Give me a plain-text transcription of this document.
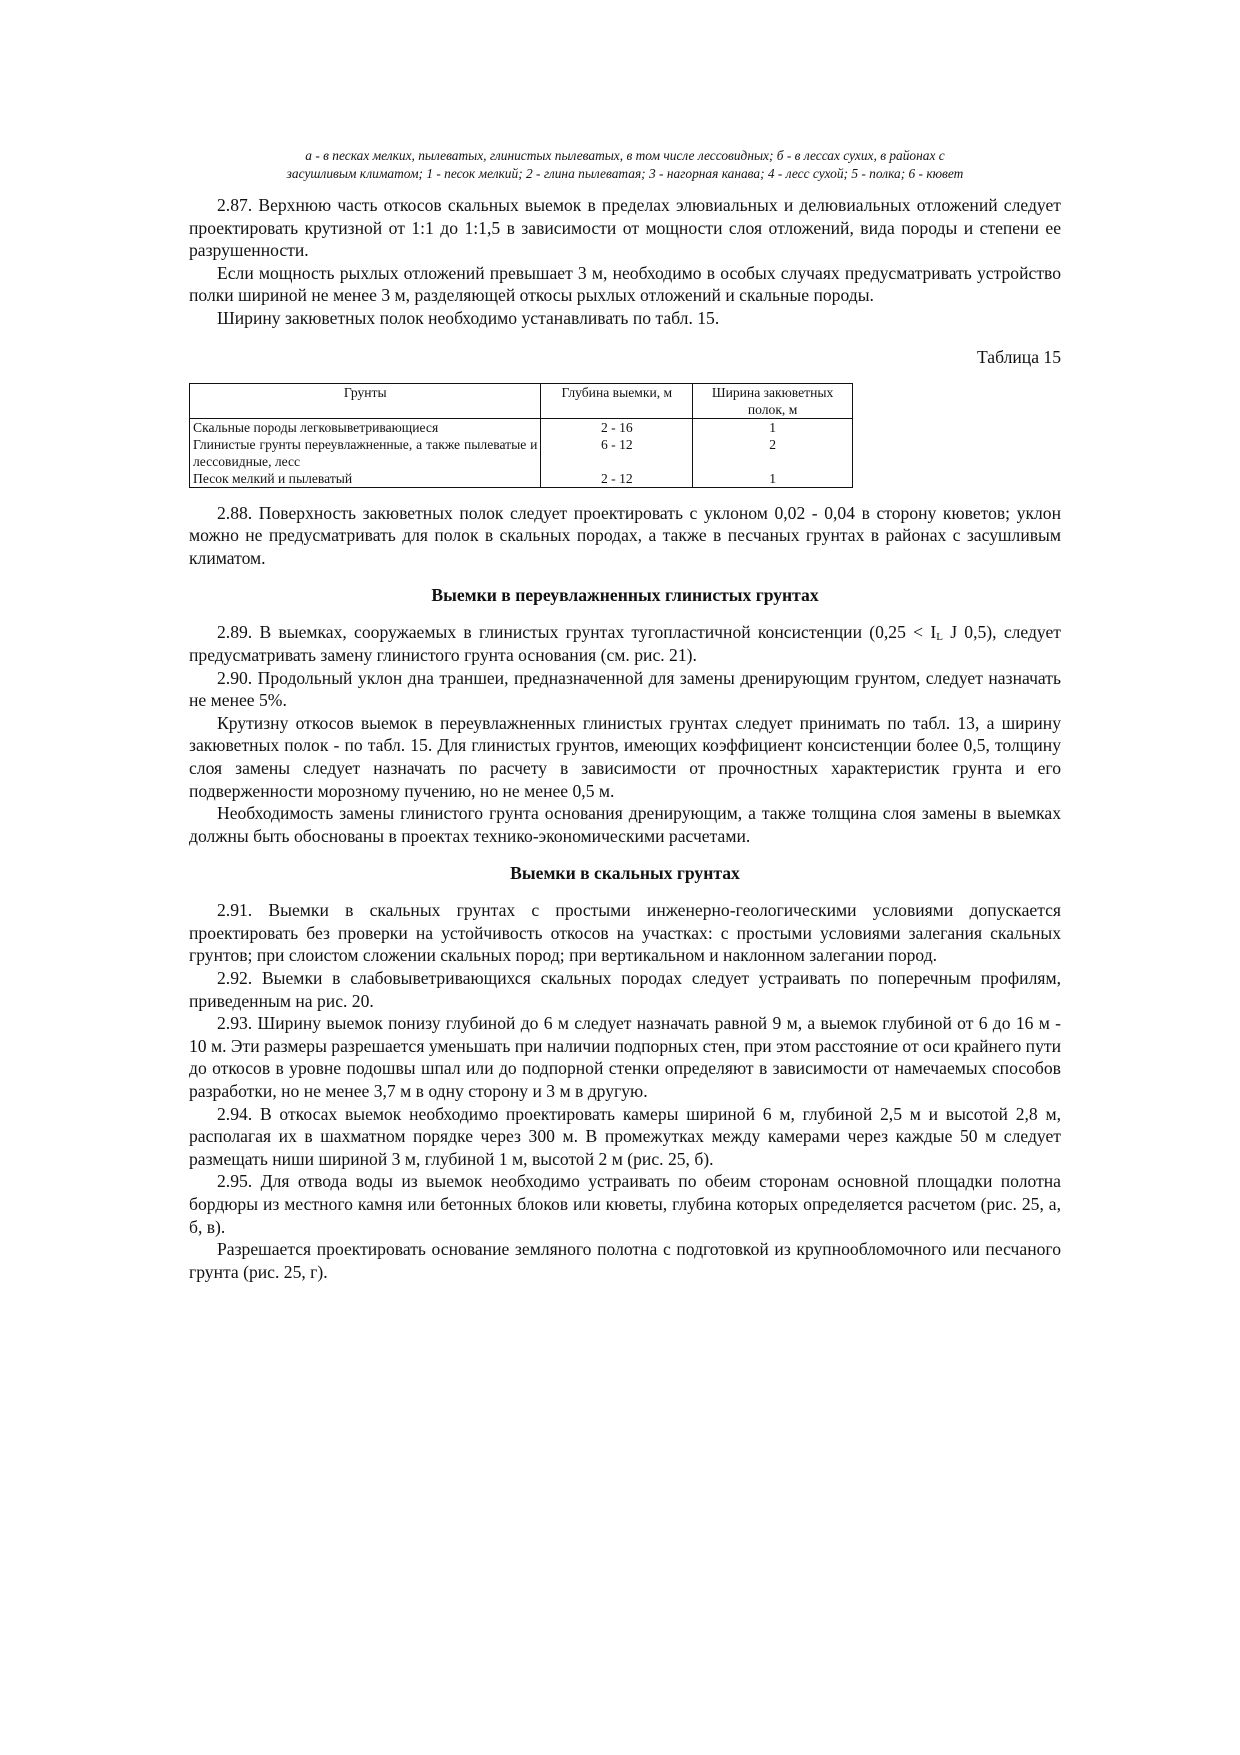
а - в песках мелких, пылеватых, глинистых пылеватых, в том числе лессовидных; б - в лессах сухих, в районах с
засушливым климатом; 1 - песок мелкий; 2 - глина пылеватая; 3 - нагорная канава; 4 - лесс сухой; 5 - полка; 6 - кювет

2.87. Верхнюю часть откосов скальных выемок в пределах элювиальных и делювиальных отложений следует проектировать крутизной от 1:1 до 1:1,5 в зависимости от мощности слоя отложений, вида породы и степени ее разрушенности.

Если мощность рыхлых отложений превышает 3 м, необходимо в особых случаях предусматривать устройство полки шириной не менее 3 м, разделяющей откосы рыхлых отложений и скальные породы.

Ширину закюветных полок необходимо устанавливать по табл. 15.

Таблица 15
Грунты	Глубина выемки, м	Ширина закюветных полок, м
Скальные породы легковыветривающиеся	2 - 16	1
Глинистые грунты переувлажненные, а также пылеватые и лессовидные, лесс	6 - 12	2
Песок мелкий и пылеватый	2 - 12	1

2.88. Поверхность закюветных полок следует проектировать с уклоном 0,02 - 0,04 в сторону кюветов; уклон можно не предусматривать для полок в скальных породах, а также в песчаных грунтах в районах с засушливым климатом.

Выемки в переувлажненных глинистых грунтах

2.89. В выемках, сооружаемых в глинистых грунтах тугопластичной консистенции ($0,25 < I_L$ J 0,5), следует предусматривать замену глинистого грунта основания (см. рис. 21).

2.90. Продольный уклон дна траншеи, предназначенной для замены дренирующим грунтом, следует назначать не менее 5%.

Крутизну откосов выемок в переувлажненных глинистых грунтах следует принимать по табл. 13, а ширину закюветных полок - по табл. 15. Для глинистых грунтов, имеющих коэффициент консистенции более 0,5, толщину слоя замены следует назначать по расчету в зависимости от прочностных характеристик грунта и его подверженности морозному пучению, но не менее 0,5 м.

Необходимость замены глинистого грунта основания дренирующим, а также толщина слоя замены в выемках должны быть обоснованы в проектах технико-экономическими расчетами.

Выемки в скальных грунтах

2.91. Выемки в скальных грунтах с простыми инженерно-геологическими условиями допускается проектировать без проверки на устойчивость откосов на участках: с простыми условиями залегания скальных грунтов; при слоистом сложении скальных пород; при вертикальном и наклонном залегании пород.

2.92. Выемки в слабовыветривающихся скальных породах следует устраивать по поперечным профилям, приведенным на рис. 20.

2.93. Ширину выемок понизу глубиной до 6 м следует назначать равной 9 м, а выемок глубиной от 6 до 16 м - 10 м. Эти размеры разрешается уменьшать при наличии подпорных стен, при этом расстояние от оси крайнего пути до откосов в уровне подошвы шпал или до подпорной стенки определяют в зависимости от намечаемых способов разработки, но не менее 3,7 м в одну сторону и 3 м в другую.

2.94. В откосах выемок необходимо проектировать камеры шириной 6 м, глубиной 2,5 м и высотой 2,8 м, располагая их в шахматном порядке через 300 м. В промежутках между камерами через каждые 50 м следует размещать ниши шириной 3 м, глубиной 1 м, высотой 2 м (рис. 25, б).

2.95. Для отвода воды из выемок необходимо устраивать по обеим сторонам основной площадки полотна бордюры из местного камня или бетонных блоков или кюветы, глубина которых определяется расчетом (рис. 25, а, б, в).

Разрешается проектировать основание земляного полотна с подготовкой из крупнообломочного или песчаного грунта (рис. 25, г).
